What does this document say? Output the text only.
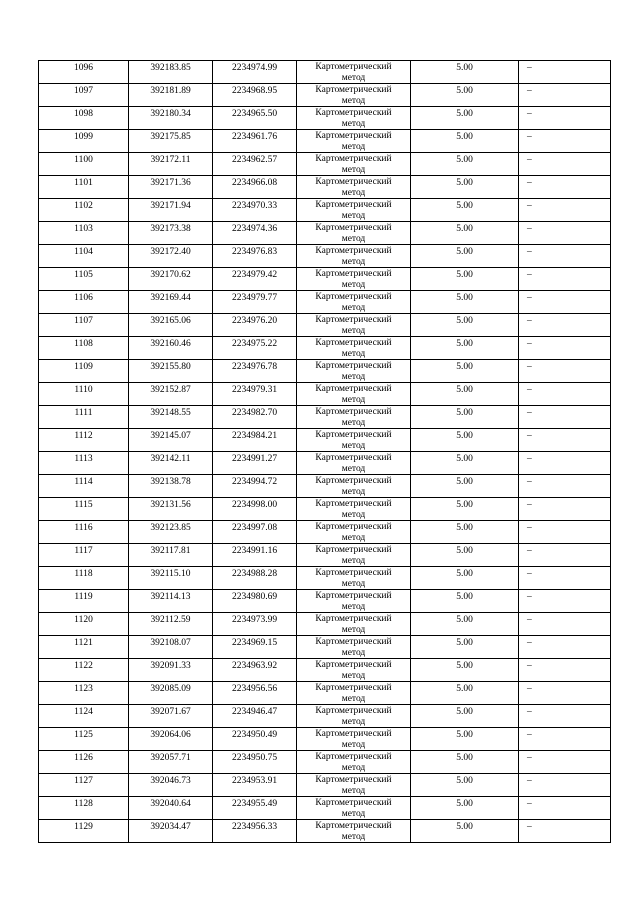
1096	392183.85	2234974.99	Картометрический
метод	5.00	–

1097	392181.89	2234968.95	Картометрический
метод	5.00	–

1098	392180.34	2234965.50	Картометрический
метод	5.00	–

1099	392175.85	2234961.76	Картометрический
метод	5.00	–

1100	392172.11	2234962.57	Картометрический
метод	5.00	–

1101	392171.36	2234966.08	Картометрический
метод	5.00	–

1102	392171.94	2234970.33	Картометрический
метод	5.00	–

1103	392173.38	2234974.36	Картометрический
метод	5.00	–

1104	392172.40	2234976.83	Картометрический
метод	5.00	–

1105	392170.62	2234979.42	Картометрический
метод	5.00	–

1106	392169.44	2234979.77	Картометрический
метод	5.00	–

1107	392165.06	2234976.20	Картометрический
метод	5.00	–

1108	392160.46	2234975.22	Картометрический
метод	5.00	–

1109	392155.80	2234976.78	Картометрический
метод	5.00	–

1110	392152.87	2234979.31	Картометрический
метод	5.00	–

1111	392148.55	2234982.70	Картометрический
метод	5.00	–

1112	392145.07	2234984.21	Картометрический
метод	5.00	–

1113	392142.11	2234991.27	Картометрический
метод	5.00	–

1114	392138.78	2234994.72	Картометрический
метод	5.00	–

1115	392131.56	2234998.00	Картометрический
метод	5.00	–

1116	392123.85	2234997.08	Картометрический
метод	5.00	–

1117	392117.81	2234991.16	Картометрический
метод	5.00	–

1118	392115.10	2234988.28	Картометрический
метод	5.00	–

1119	392114.13	2234980.69	Картометрический
метод	5.00	–

1120	392112.59	2234973.99	Картометрический
метод	5.00	–

1121	392108.07	2234969.15	Картометрический
метод	5.00	–

1122	392091.33	2234963.92	Картометрический
метод	5.00	–

1123	392085.09	2234956.56	Картометрический
метод	5.00	–

1124	392071.67	2234946.47	Картометрический
метод	5.00	–

1125	392064.06	2234950.49	Картометрический
метод	5.00	–

1126	392057.71	2234950.75	Картометрический
метод	5.00	–

1127	392046.73	2234953.91	Картометрический
метод	5.00	–

1128	392040.64	2234955.49	Картометрический
метод	5.00	–

1129	392034.47	2234956.33	Картометрический
метод	5.00	–
